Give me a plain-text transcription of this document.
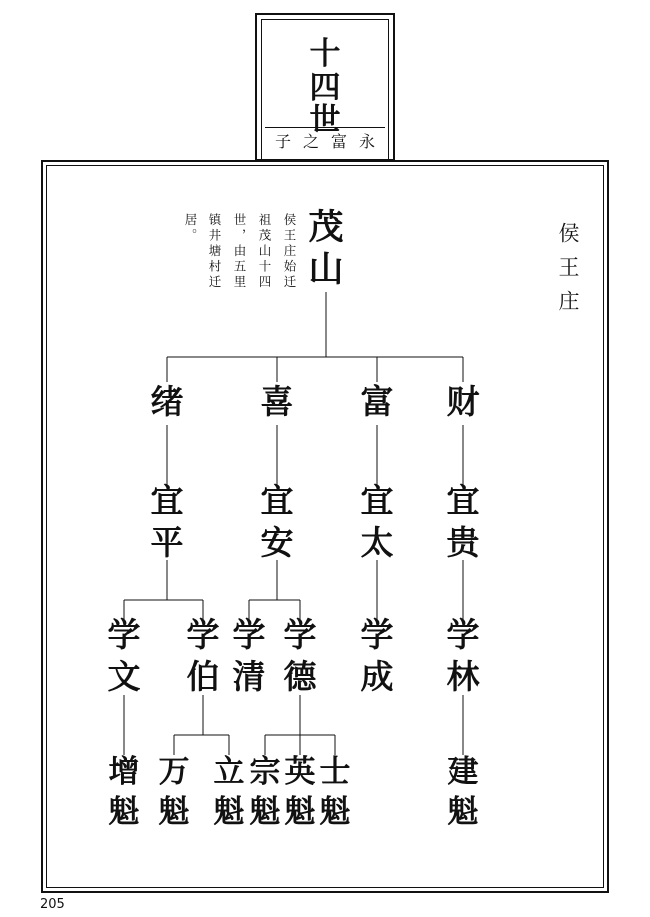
十
四
世
子之富永
侯王庄
侯王庄始迁
祖茂山十四
世，由五里
镇井塘村迁
居。	茂山
绪 喜 富 财
宜平
宜安
宜太
宜贵
学文
学伯
学清
学德
学成
学林
增魁
万魁
立魁
宗魁
英魁
士魁
建魁
205
